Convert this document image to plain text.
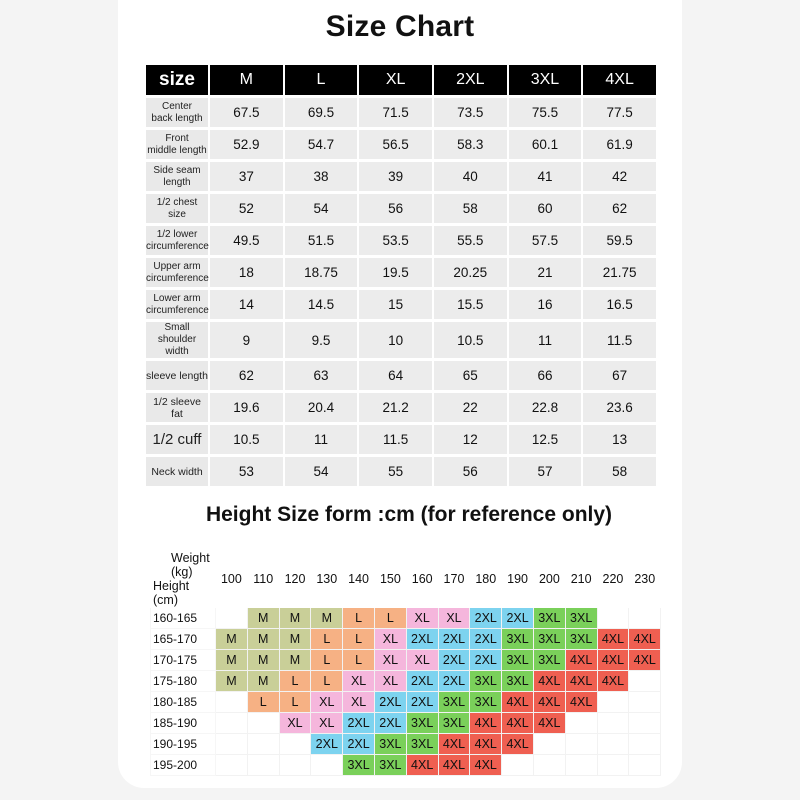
Size Chart
size	M	L	XL	2XL	3XL	4XL
Center
back length	67.5	69.5	71.5	73.5	75.5	77.5
Front
middle length	52.9	54.7	56.5	58.3	60.1	61.9
Side seam
length	37	38	39	40	41	42
1/2 chest
size	52	54	56	58	60	62
1/2 lower
circumference	49.5	51.5	53.5	55.5	57.5	59.5
Upper arm
circumference	18	18.75	19.5	20.25	21	21.75
Lower arm
circumference	14	14.5	15	15.5	16	16.5
Small
shoulder width	9	9.5	10	10.5	11	11.5
sleeve length	62	63	64	65	66	67
1/2 sleeve fat	19.6	20.4	21.2	22	22.8	23.6
1/2 cuff	10.5	11	11.5	12	12.5	13
Neck width	53	54	55	56	57	58
Height Size form :cm (for reference only)
Weight (kg)
Height (cm)	100	110	120	130	140	150	160	170	180	190	200	210	220	230
160-165		M	M	M	L	L	XL	XL	2XL	2XL	3XL	3XL		
165-170	M	M	M	L	L	XL	2XL	2XL	2XL	3XL	3XL	3XL	4XL	4XL
170-175	M	M	M	L	L	XL	XL	2XL	2XL	3XL	3XL	4XL	4XL	4XL
175-180	M	M	L	L	XL	XL	2XL	2XL	3XL	3XL	4XL	4XL	4XL	
180-185		L	L	XL	XL	2XL	2XL	3XL	3XL	4XL	4XL	4XL		
185-190			XL	XL	2XL	2XL	3XL	3XL	4XL	4XL	4XL			
190-195				2XL	2XL	3XL	3XL	4XL	4XL	4XL				
195-200					3XL	3XL	4XL	4XL	4XL					
